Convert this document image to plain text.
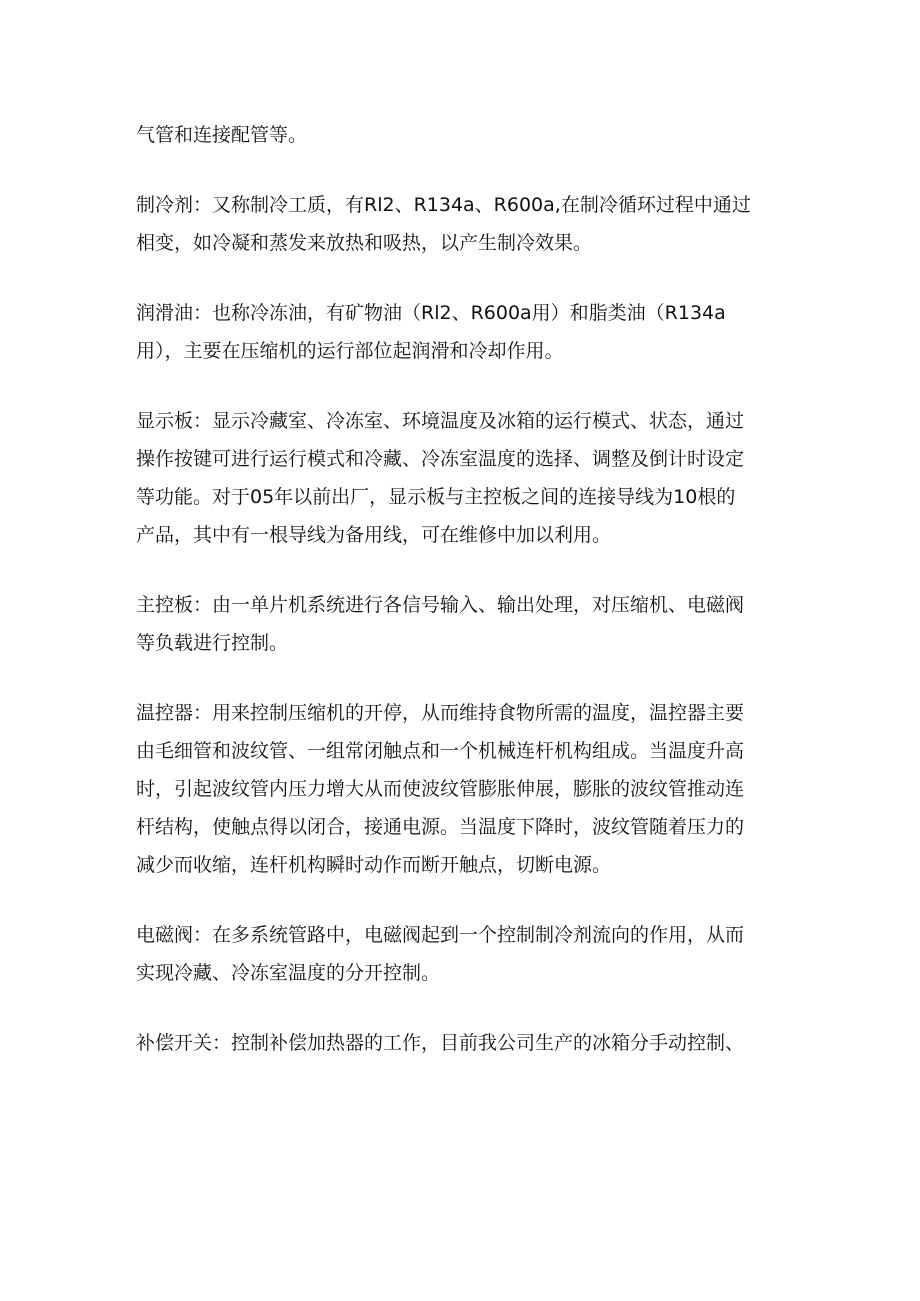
气管和连接配管等。

制冷剂：又称制冷工质，有Rl2、R134a、R600a,在制冷循环过程中通过
相变，如冷凝和蒸发来放热和吸热，以产生制冷效果。

润滑油：也称冷冻油，有矿物油（Rl2、R600a用）和脂类油（R134a
用），主要在压缩机的运行部位起润滑和冷却作用。

显示板：显示冷藏室、冷冻室、环境温度及冰箱的运行模式、状态，通过
操作按键可进行运行模式和冷藏、冷冻室温度的选择、调整及倒计时设定
等功能。对于05年以前出厂，显示板与主控板之间的连接导线为10根的
产品，其中有一根导线为备用线，可在维修中加以利用。

主控板：由一单片机系统进行各信号输入、输出处理，对压缩机、电磁阀
等负载进行控制。

温控器：用来控制压缩机的开停，从而维持食物所需的温度，温控器主要
由毛细管和波纹管、一组常闭触点和一个机械连杆机构组成。当温度升高
时，引起波纹管内压力增大从而使波纹管膨胀伸展，膨胀的波纹管推动连
杆结构，使触点得以闭合，接通电源。当温度下降时，波纹管随着压力的
减少而收缩，连杆机构瞬时动作而断开触点，切断电源。

电磁阀：在多系统管路中，电磁阀起到一个控制制冷剂流向的作用，从而
实现冷藏、冷冻室温度的分开控制。

补偿开关：控制补偿加热器的工作，目前我公司生产的冰箱分手动控制、
